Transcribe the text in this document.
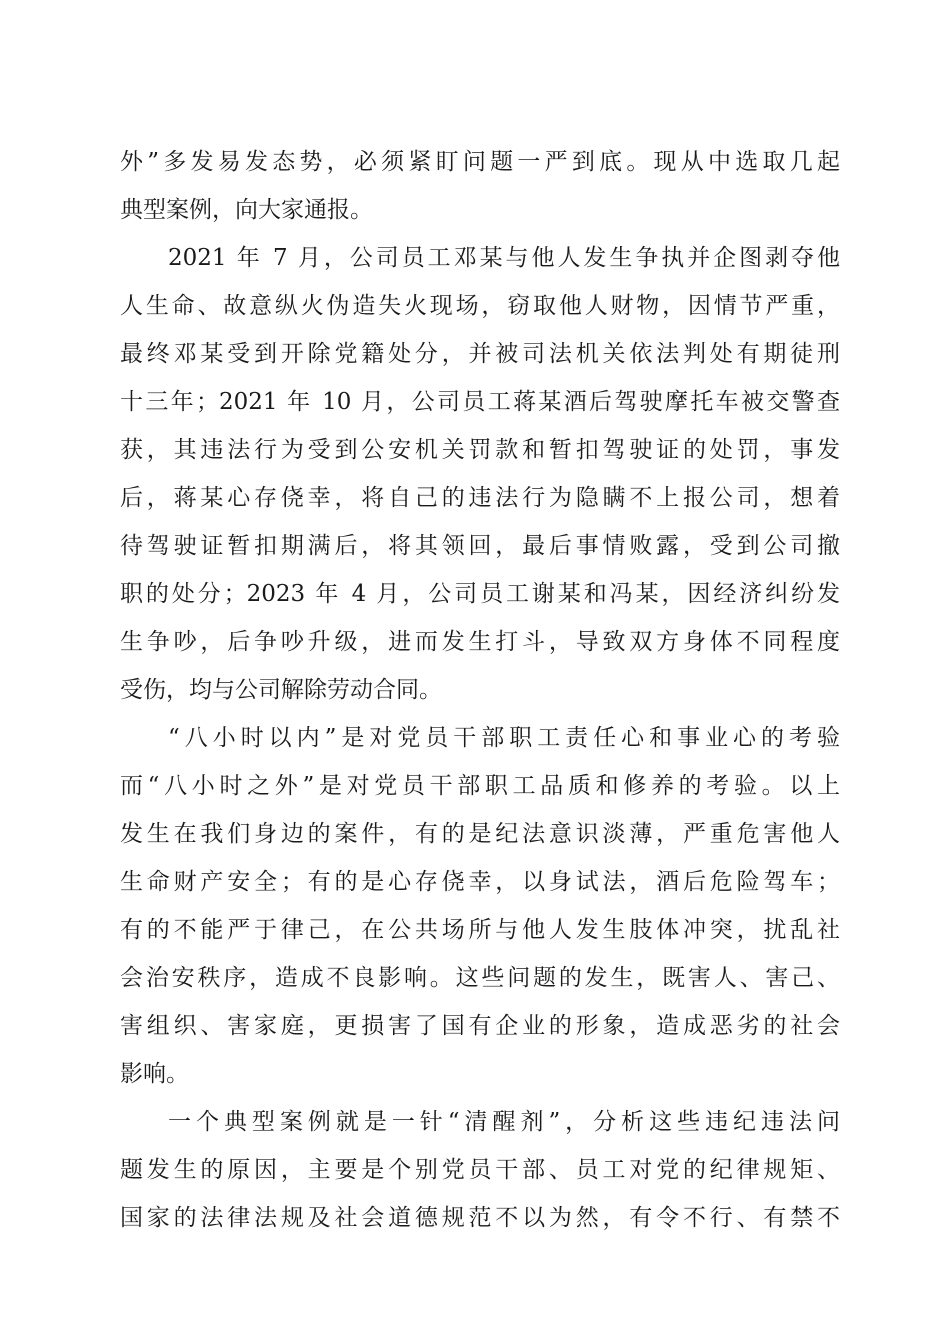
外”多发易发态势，必须紧盯问题一严到底。现从中选取几起
典型案例，向大家通报。
2021 年 7 月，公司员工邓某与他人发生争执并企图剥夺他
人生命、故意纵火伪造失火现场，窃取他人财物，因情节严重，
最终邓某受到开除党籍处分，并被司法机关依法判处有期徒刑
十三年；2021 年 10 月，公司员工蒋某酒后驾驶摩托车被交警查
获，其违法行为受到公安机关罚款和暂扣驾驶证的处罚，事发
后，蒋某心存侥幸，将自己的违法行为隐瞒不上报公司，想着
待驾驶证暂扣期满后，将其领回，最后事情败露，受到公司撤
职的处分；2023 年 4 月，公司员工谢某和冯某，因经济纠纷发
生争吵，后争吵升级，进而发生打斗，导致双方身体不同程度
受伤，均与公司解除劳动合同。
“八小时以内”是对党员干部职工责任心和事业心的考验
而“八小时之外”是对党员干部职工品质和修养的考验。以上
发生在我们身边的案件，有的是纪法意识淡薄，严重危害他人
生命财产安全；有的是心存侥幸，以身试法，酒后危险驾车；
有的不能严于律己，在公共场所与他人发生肢体冲突，扰乱社
会治安秩序，造成不良影响。这些问题的发生，既害人、害己、
害组织、害家庭，更损害了国有企业的形象，造成恶劣的社会
影响。
一个典型案例就是一针“清醒剂”，分析这些违纪违法问
题发生的原因，主要是个别党员干部、员工对党的纪律规矩、
国家的法律法规及社会道德规范不以为然，有令不行、有禁不
